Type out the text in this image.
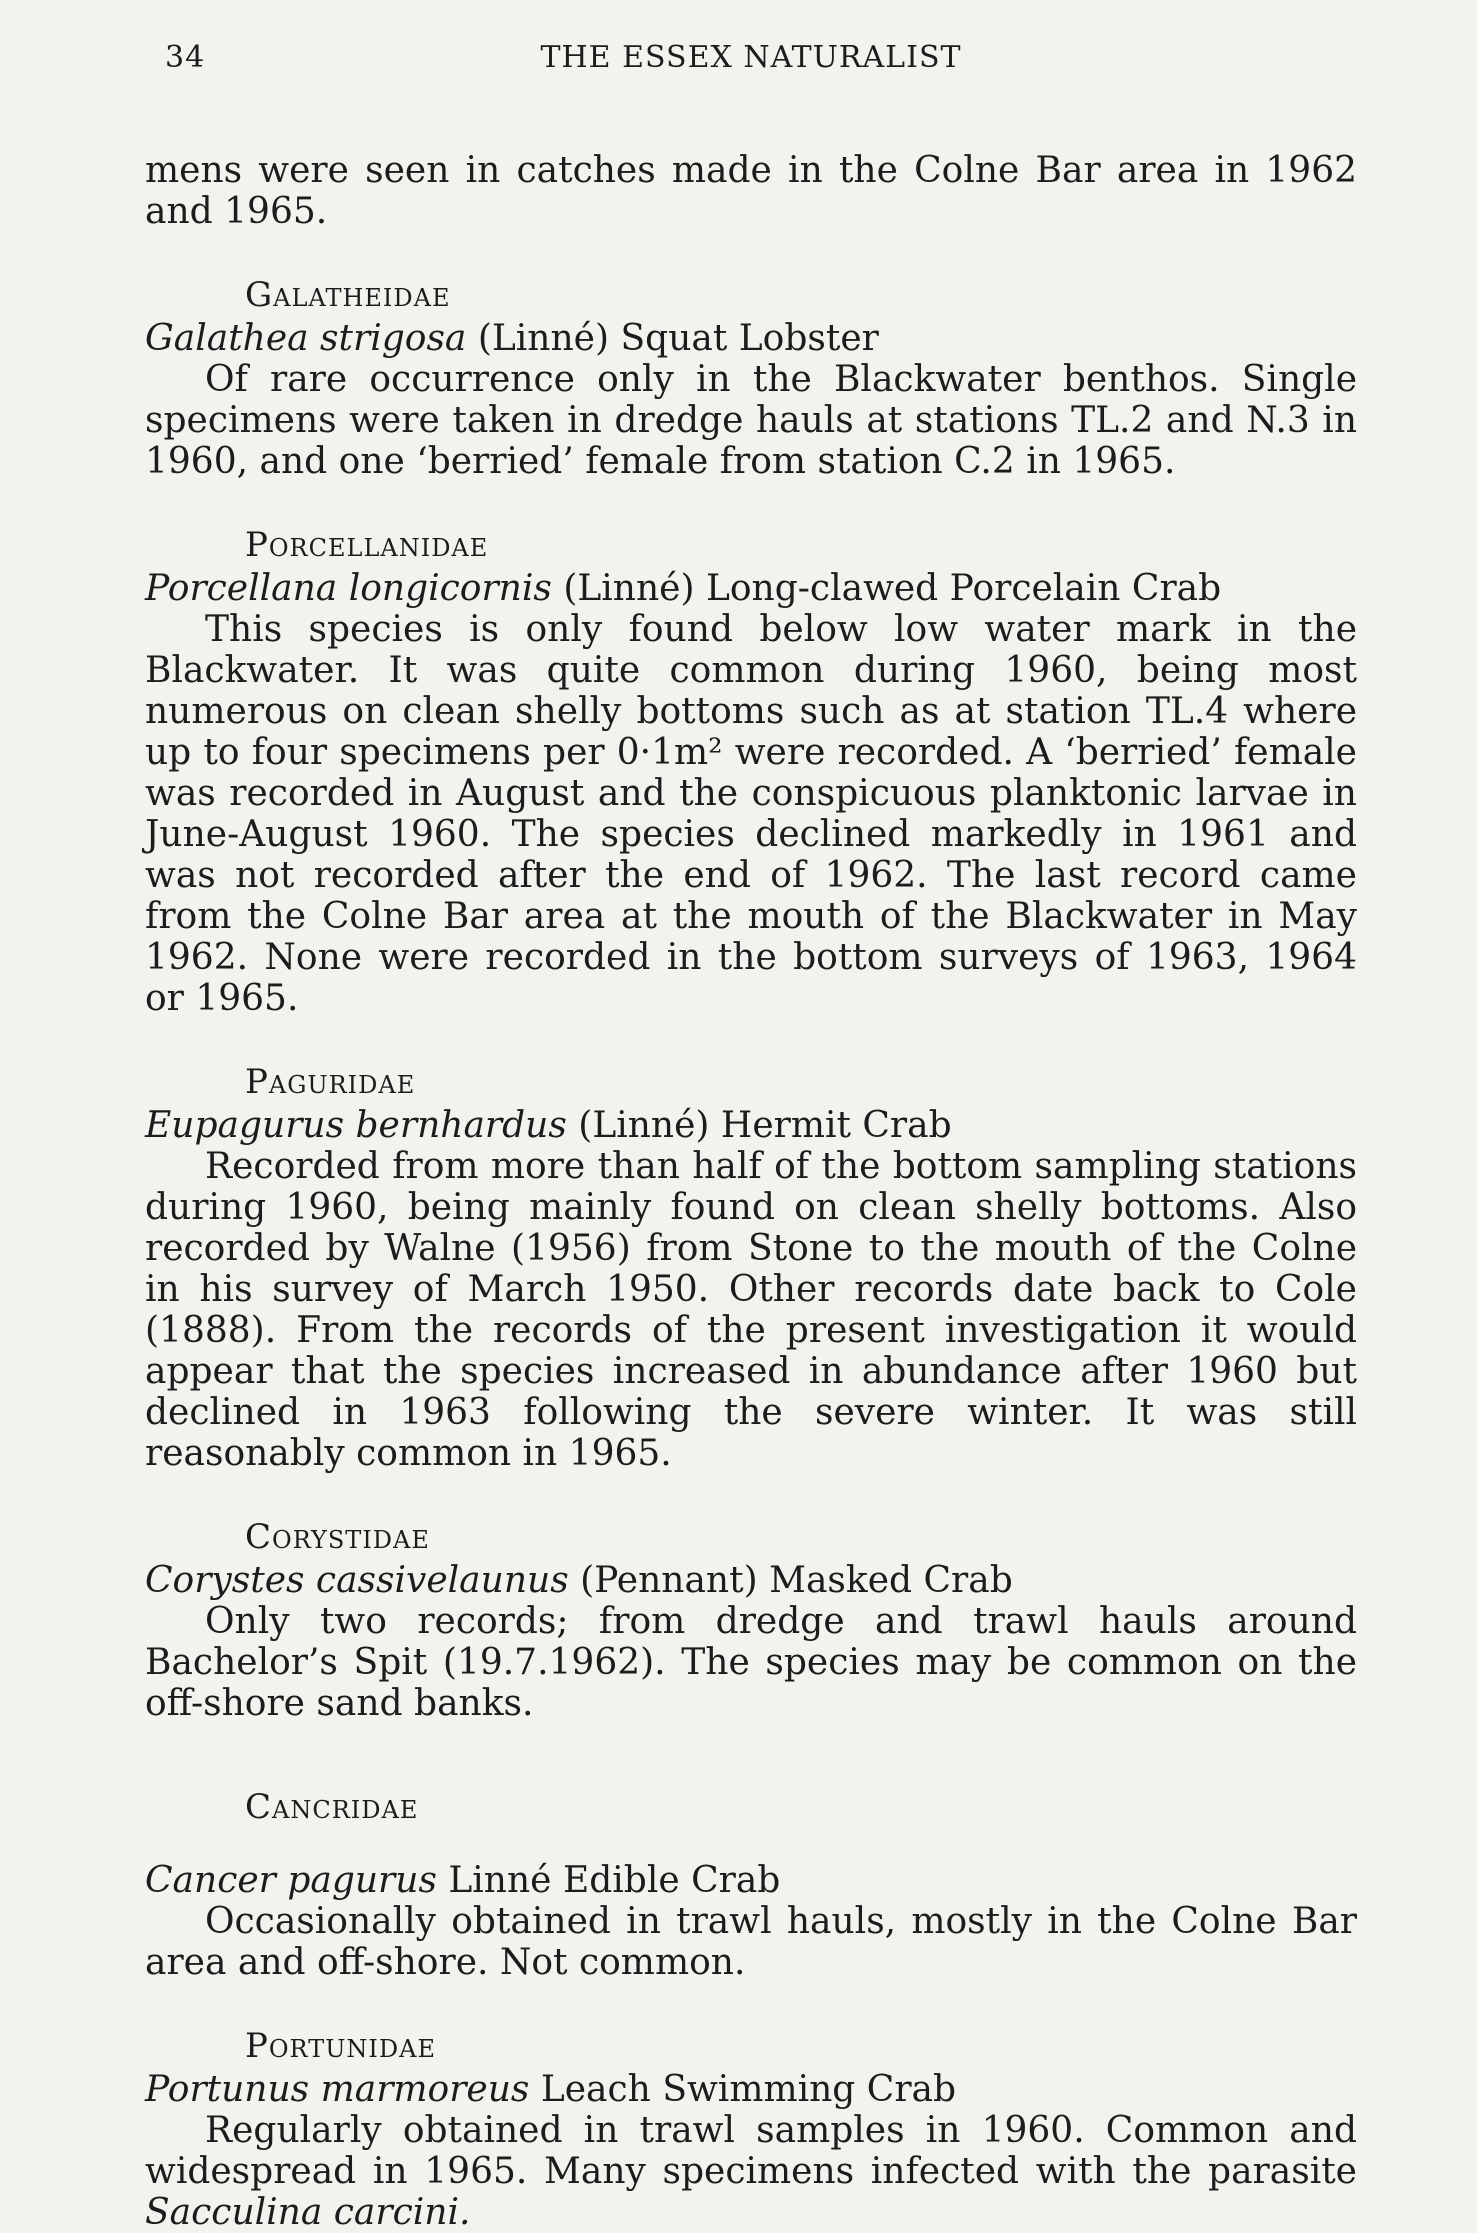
34	THE ESSEX NATURALIST

mens were seen in catches made in the Colne Bar area in 1962 and 1965.

Galatheidae
Galathea strigosa (Linné) Squat Lobster

Of rare occurrence only in the Blackwater benthos. Single specimens were taken in dredge hauls at stations TL.2 and N.3 in 1960, and one ‘berried’ female from station C.2 in 1965.

Porcellanidae
Porcellana longicornis (Linné) Long-clawed Porcelain Crab

This species is only found below low water mark in the Blackwater. It was quite common during 1960, being most numerous on clean shelly bottoms such as at station TL.4 where up to four specimens per 0·1m² were recorded. A ‘berried’ female was recorded in August and the conspicuous planktonic larvae in June-August 1960. The species declined markedly in 1961 and was not recorded after the end of 1962. The last record came from the Colne Bar area at the mouth of the Blackwater in May 1962. None were recorded in the bottom surveys of 1963, 1964 or 1965.

Paguridae
Eupagurus bernhardus (Linné) Hermit Crab

Recorded from more than half of the bottom sampling stations during 1960, being mainly found on clean shelly bottoms. Also recorded by Walne (1956) from Stone to the mouth of the Colne in his survey of March 1950. Other records date back to Cole (1888). From the records of the present investigation it would appear that the species increased in abundance after 1960 but declined in 1963 following the severe winter. It was still reasonably common in 1965.

Corystidae
Corystes cassivelaunus (Pennant) Masked Crab

Only two records; from dredge and trawl hauls around Bachelor’s Spit (19.7.1962). The species may be common on the off-shore sand banks.

Cancridae
Cancer pagurus Linné Edible Crab

Occasionally obtained in trawl hauls, mostly in the Colne Bar area and off-shore. Not common.

Portunidae
Portunus marmoreus Leach Swimming Crab

Regularly obtained in trawl samples in 1960. Common and widespread in 1965. Many specimens infected with the parasite Sacculina carcini.
